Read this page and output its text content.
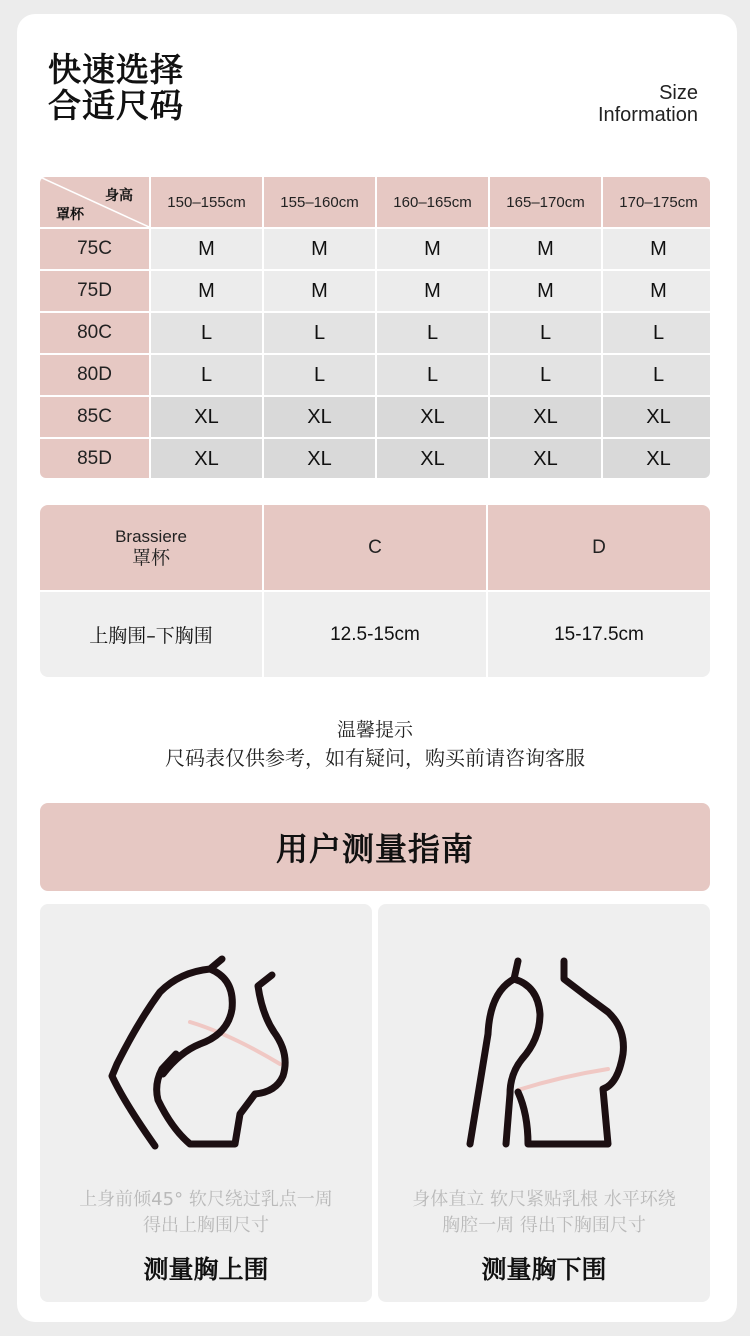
快速选择
合适尺码	Size
Information
身高
罩杯
150–155cm	155–160cm	160–165cm	165–170cm	170–175cm
75C	M	M	M	M	M
75D	M	M	M	M	M
80C	L	L	L	L	L
80D	L	L	L	L	L
85C	XL	XL	XL	XL	XL
85D	XL	XL	XL	XL	XL
Brassiere
罩杯	C	D
上胸围–下胸围	12.5-15cm	15-17.5cm
温馨提示
尺码表仅供参考，如有疑问，购买前请咨询客服
用户测量指南
上身前倾45° 软尺绕过乳点一周
得出上胸围尺寸
测量胸上围
身体直立 软尺紧贴乳根 水平环绕
胸腔一周 得出下胸围尺寸
测量胸下围
